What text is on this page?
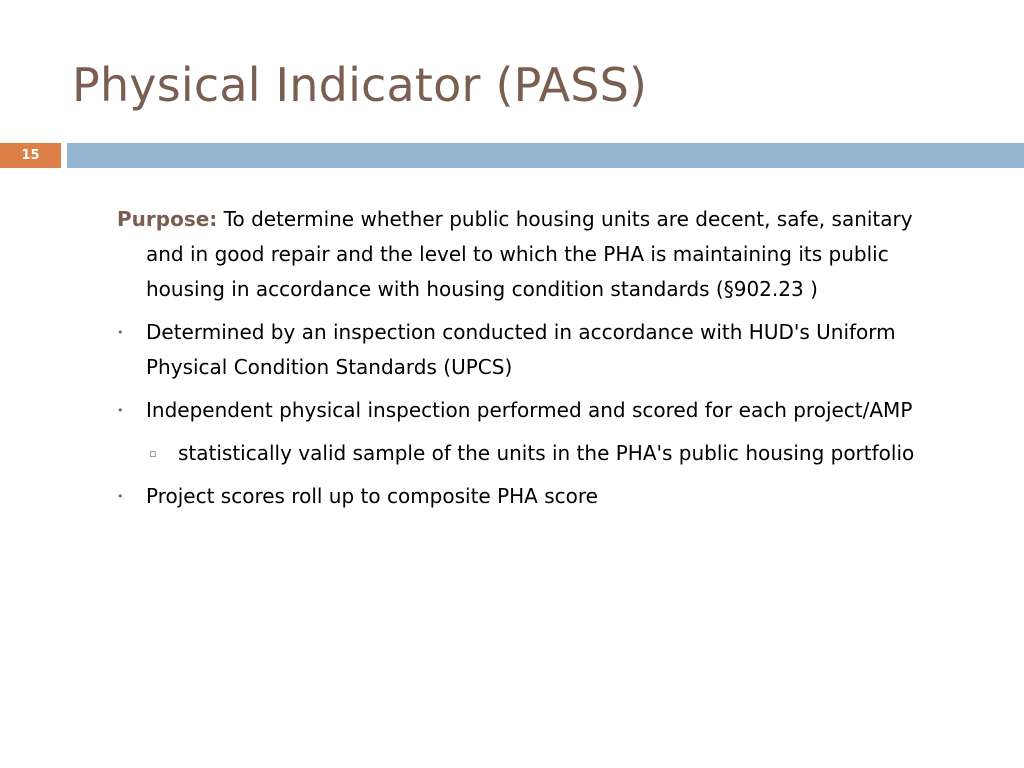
Physical Indicator (PASS)
15
Purpose: To determine whether public housing units are decent, safe, sanitary and in good repair and the level to which the PHA is maintaining its public housing in accordance with housing condition standards (§902.23 )
• Determined by an inspection conducted in accordance with HUD's Uniform Physical Condition Standards (UPCS)
• Independent physical inspection performed and scored for each project/AMP
▫ statistically valid sample of the units in the PHA's public housing portfolio
• Project scores roll up to composite PHA score
